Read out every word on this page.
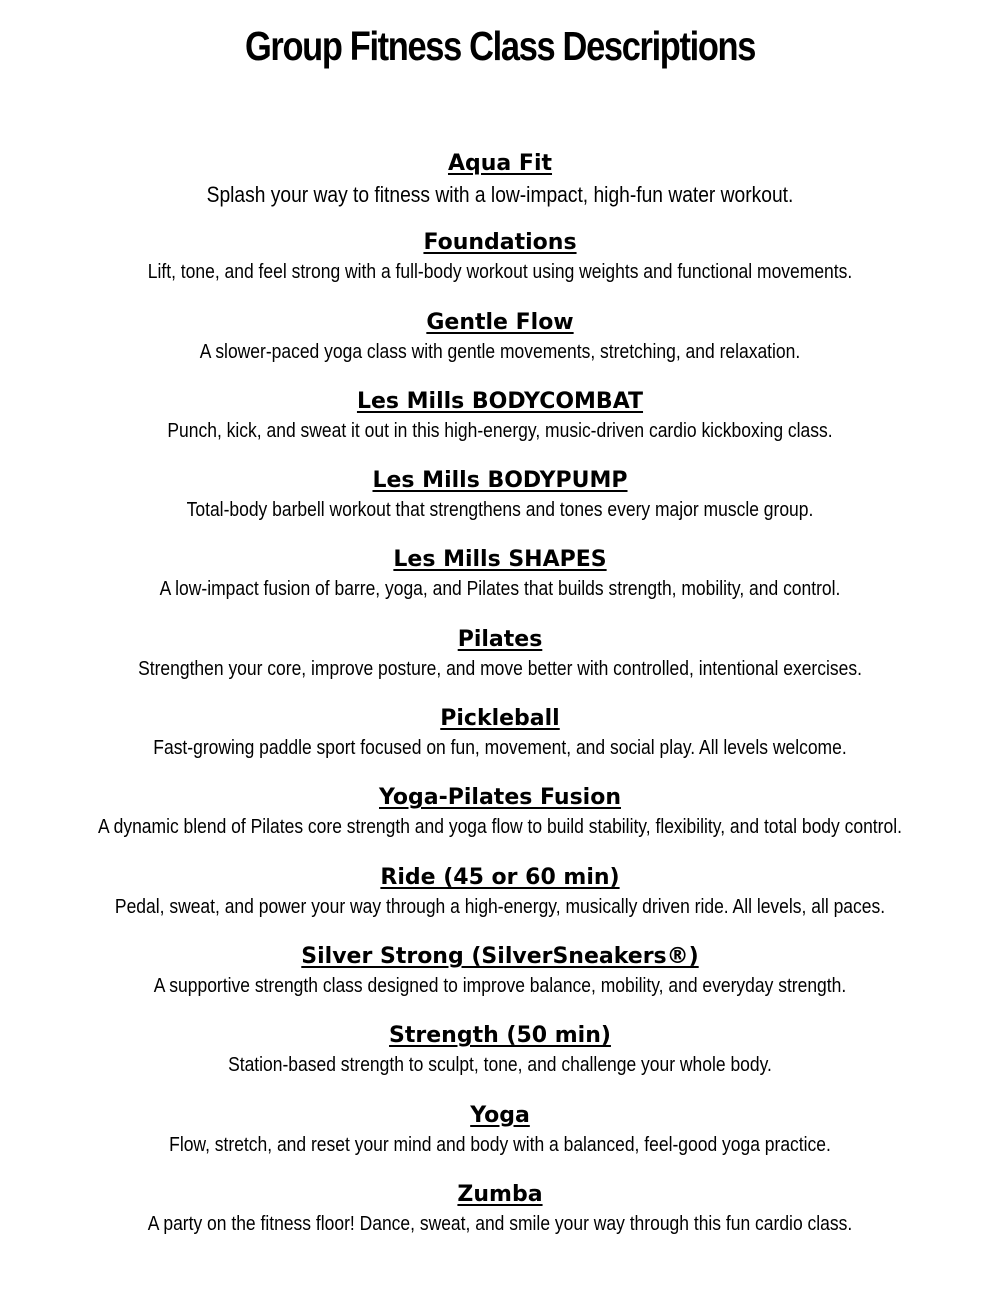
Group Fitness Class Descriptions
Aqua Fit
Splash your way to fitness with a low-impact, high-fun water workout.
Foundations
Lift, tone, and feel strong with a full-body workout using weights and functional movements.
Gentle Flow
A slower-paced yoga class with gentle movements, stretching, and relaxation.
Les Mills BODYCOMBAT
Punch, kick, and sweat it out in this high-energy, music-driven cardio kickboxing class.
Les Mills BODYPUMP
Total-body barbell workout that strengthens and tones every major muscle group.
Les Mills SHAPES
A low-impact fusion of barre, yoga, and Pilates that builds strength, mobility, and control.
Pilates
Strengthen your core, improve posture, and move better with controlled, intentional exercises.
Pickleball
Fast-growing paddle sport focused on fun, movement, and social play. All levels welcome.
Yoga-Pilates Fusion
A dynamic blend of Pilates core strength and yoga flow to build stability, flexibility, and total body control.
Ride (45 or 60 min)
Pedal, sweat, and power your way through a high-energy, musically driven ride. All levels, all paces.
Silver Strong (SilverSneakers®)
A supportive strength class designed to improve balance, mobility, and everyday strength.
Strength (50 min)
Station-based strength to sculpt, tone, and challenge your whole body.
Yoga
Flow, stretch, and reset your mind and body with a balanced, feel-good yoga practice.
Zumba
A party on the fitness floor! Dance, sweat, and smile your way through this fun cardio class.
